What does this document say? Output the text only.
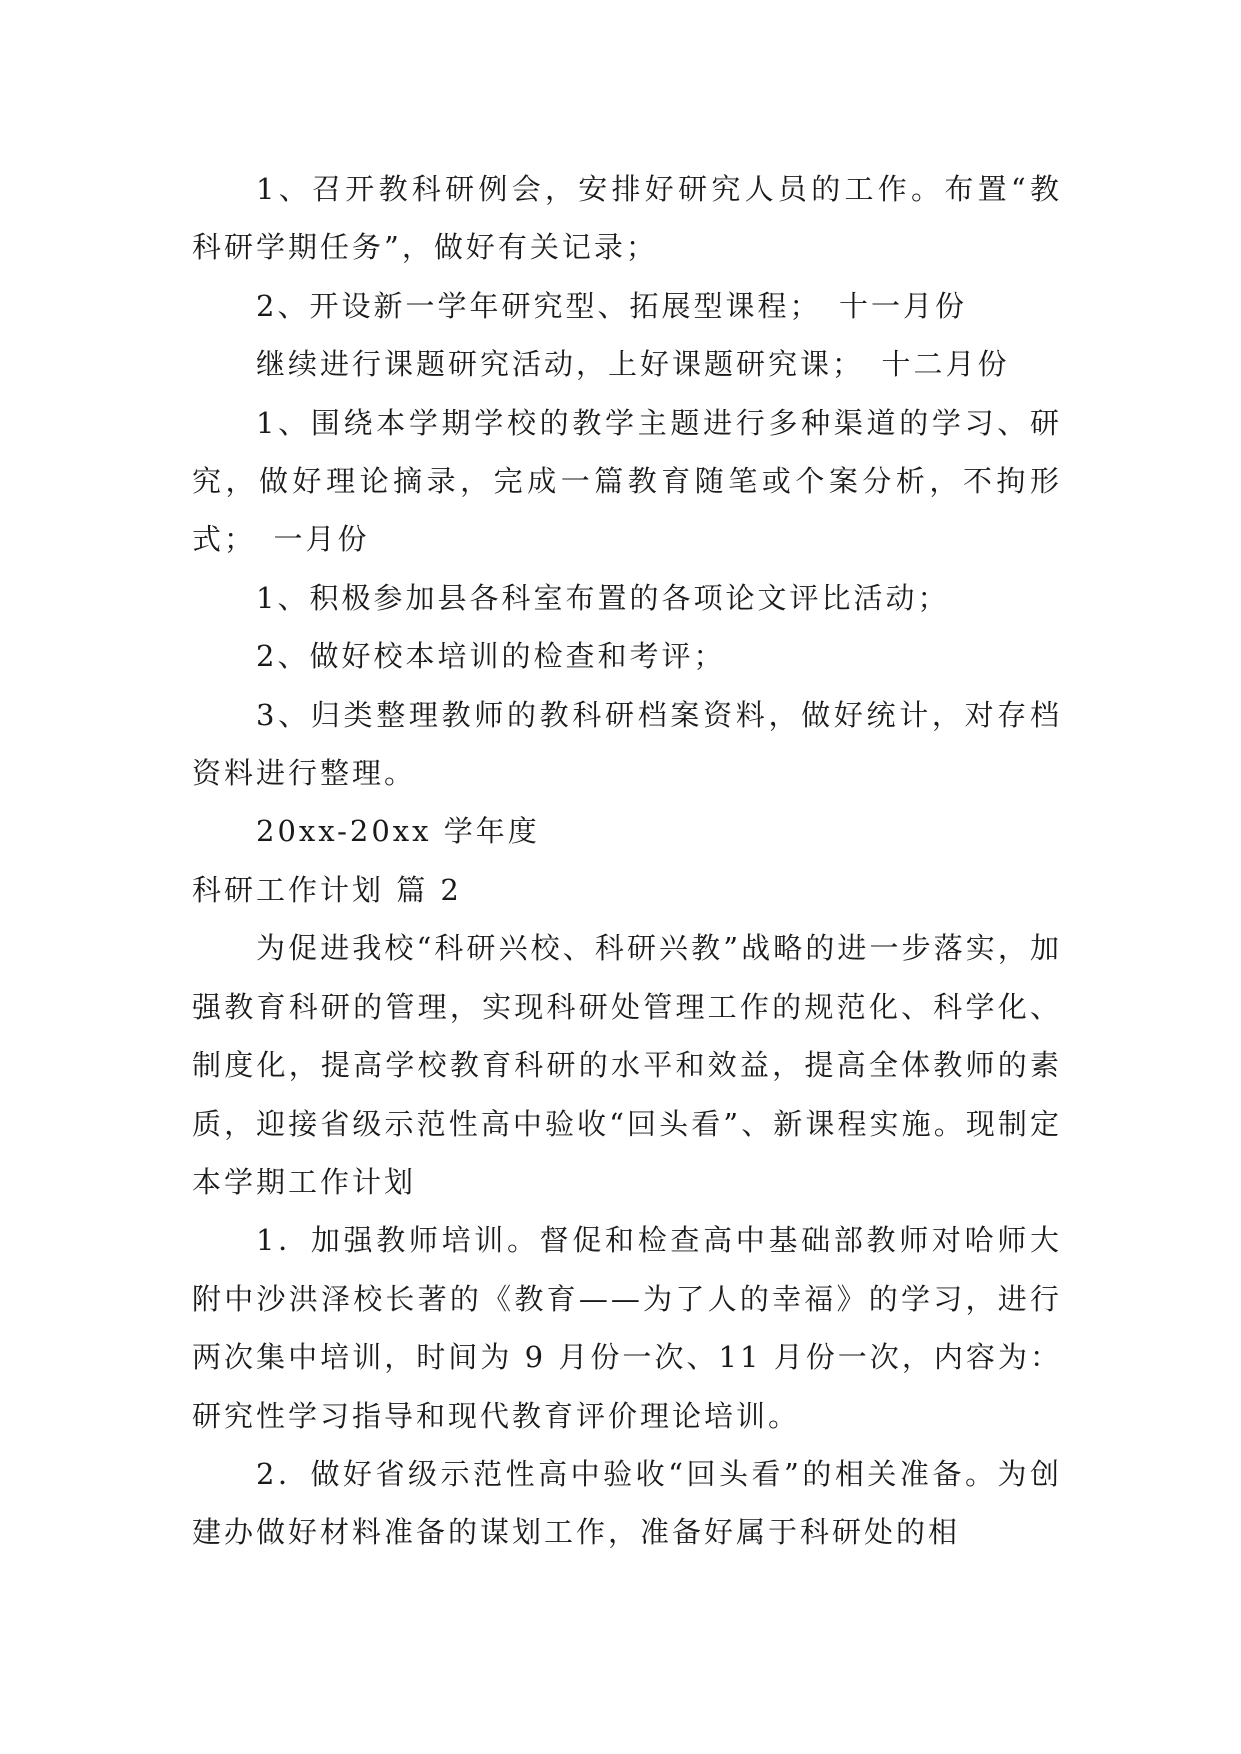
1、召开教科研例会，安排好研究人员的工作。布置“教科研学期任务”，做好有关记录；

2、开设新一学年研究型、拓展型课程；　十一月份

继续进行课题研究活动，上好课题研究课；　十二月份

1、围绕本学期学校的教学主题进行多种渠道的学习、研究，做好理论摘录，完成一篇教育随笔或个案分析，不拘形式；　一月份

1、积极参加县各科室布置的各项论文评比活动；

2、做好校本培训的检查和考评；

3、归类整理教师的教科研档案资料，做好统计，对存档资料进行整理。

20xx-20xx 学年度

科研工作计划 篇 2

为促进我校“科研兴校、科研兴教”战略的进一步落实，加强教育科研的管理，实现科研处管理工作的规范化、科学化、制度化，提高学校教育科研的水平和效益，提高全体教师的素质，迎接省级示范性高中验收“回头看”、新课程实施。现制定本学期工作计划

1．加强教师培训。督促和检查高中基础部教师对哈师大附中沙洪泽校长著的《教育——为了人的幸福》的学习，进行两次集中培训，时间为 9 月份一次、11 月份一次，内容为：研究性学习指导和现代教育评价理论培训。

2．做好省级示范性高中验收“回头看”的相关准备。为创建办做好材料准备的谋划工作，准备好属于科研处的相
